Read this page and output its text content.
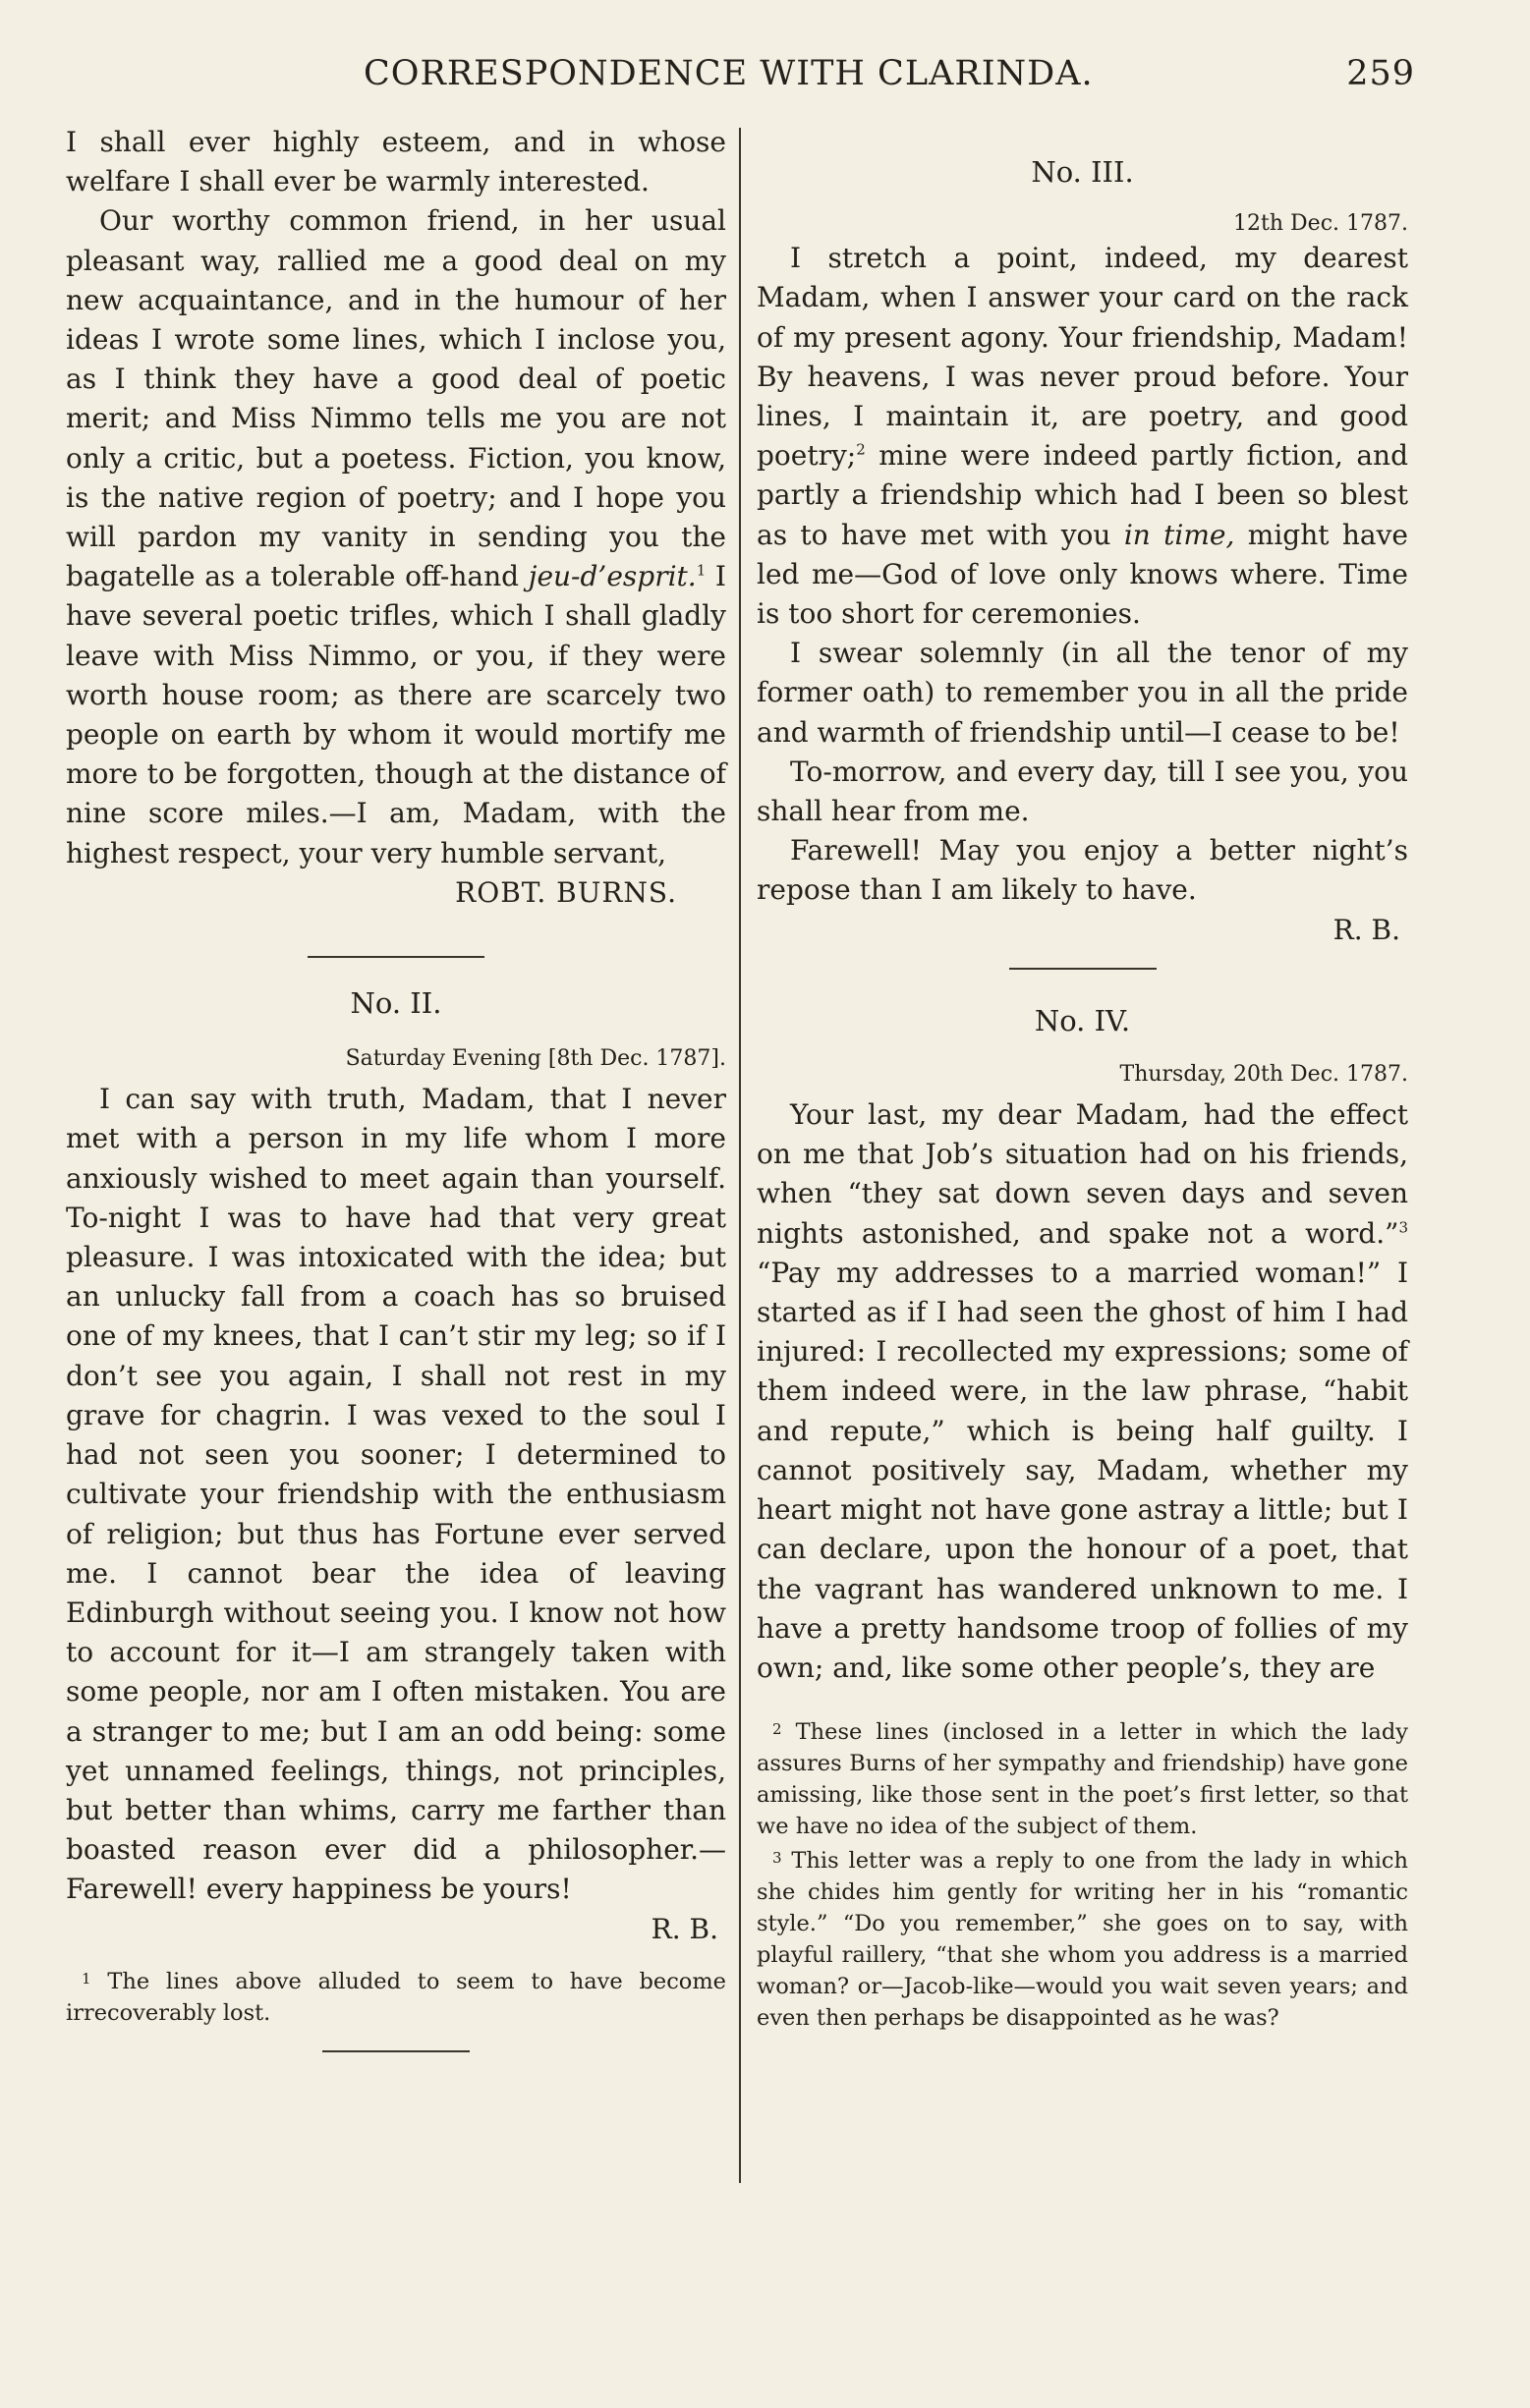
CORRESPONDENCE WITH CLARINDA.	259

I shall ever highly esteem, and in whose welfare I shall ever be warmly interested.

Our worthy common friend, in her usual pleasant way, rallied me a good deal on my new acquaintance, and in the humour of her ideas I wrote some lines, which I inclose you, as I think they have a good deal of poetic merit; and Miss Nimmo tells me you are not only a critic, but a poetess. Fiction, you know, is the native region of poetry; and I hope you will pardon my vanity in sending you the bagatelle as a tolerable off-hand jeu-d’esprit.$^1$ I have several poetic trifles, which I shall gladly leave with Miss Nimmo, or you, if they were worth house room; as there are scarcely two people on earth by whom it would mortify me more to be forgotten, though at the distance of nine score miles.—I am, Madam, with the highest respect, your very humble servant,

ROBT. BURNS.

No. II.

Saturday Evening [8th Dec. 1787].

I can say with truth, Madam, that I never met with a person in my life whom I more anxiously wished to meet again than yourself. To-night I was to have had that very great pleasure. I was intoxicated with the idea; but an unlucky fall from a coach has so bruised one of my knees, that I can’t stir my leg; so if I don’t see you again, I shall not rest in my grave for chagrin. I was vexed to the soul I had not seen you sooner; I determined to cultivate your friendship with the enthusiasm of religion; but thus has Fortune ever served me. I cannot bear the idea of leaving Edinburgh without seeing you. I know not how to account for it—I am strangely taken with some people, nor am I often mistaken. You are a stranger to me; but I am an odd being: some yet unnamed feelings, things, not principles, but better than whims, carry me farther than boasted reason ever did a philosopher.—Farewell! every happiness be yours!

R. B.

$^1$ The lines above alluded to seem to have become irrecoverably lost.

No. III.

12th Dec. 1787.

I stretch a point, indeed, my dearest Madam, when I answer your card on the rack of my present agony. Your friendship, Madam! By heavens, I was never proud before. Your lines, I maintain it, are poetry, and good poetry;$^2$ mine were indeed partly fiction, and partly a friendship which had I been so blest as to have met with you in time, might have led me—God of love only knows where. Time is too short for ceremonies.

I swear solemnly (in all the tenor of my former oath) to remember you in all the pride and warmth of friendship until—I cease to be!

To-morrow, and every day, till I see you, you shall hear from me.

Farewell! May you enjoy a better night’s repose than I am likely to have.

R. B.

No. IV.

Thursday, 20th Dec. 1787.

Your last, my dear Madam, had the effect on me that Job’s situation had on his friends, when “they sat down seven days and seven nights astonished, and spake not a word.”$^3$ “Pay my addresses to a married woman!” I started as if I had seen the ghost of him I had injured: I recollected my expressions; some of them indeed were, in the law phrase, “habit and repute,” which is being half guilty. I cannot positively say, Madam, whether my heart might not have gone astray a little; but I can declare, upon the honour of a poet, that the vagrant has wandered unknown to me. I have a pretty handsome troop of follies of my own; and, like some other people’s, they are

$^2$ These lines (inclosed in a letter in which the lady assures Burns of her sympathy and friendship) have gone amissing, like those sent in the poet’s first letter, so that we have no idea of the subject of them.

$^3$ This letter was a reply to one from the lady in which she chides him gently for writing her in his “romantic style.” “Do you remember,” she goes on to say, with playful raillery, “that she whom you address is a married woman? or—Jacob-like—would you wait seven years; and even then perhaps be disappointed as he was?
